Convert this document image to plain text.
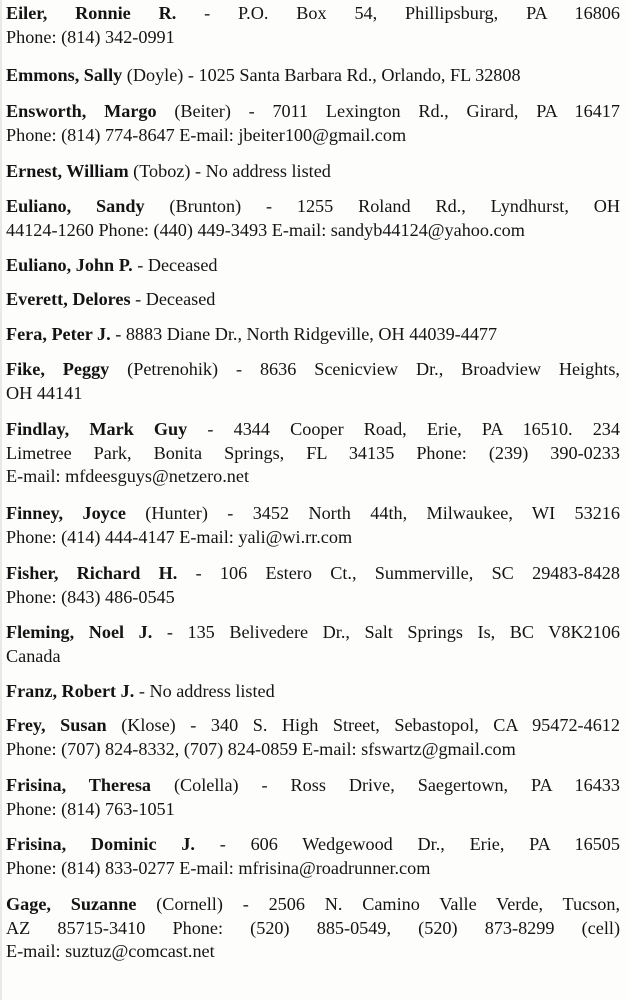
Eiler, Ronnie R. - P.O. Box 54, Phillipsburg, PA 16806
Phone: (814) 342-0991
Emmons, Sally (Doyle) - 1025 Santa Barbara Rd., Orlando, FL 32808
Ensworth, Margo (Beiter) - 7011 Lexington Rd., Girard, PA 16417
Phone: (814) 774-8647 E-mail: jbeiter100@gmail.com
Ernest, William (Toboz) - No address listed
Euliano, Sandy (Brunton) - 1255 Roland Rd., Lyndhurst, OH
44124-1260 Phone: (440) 449-3493 E-mail: sandyb44124@yahoo.com
Euliano, John P. - Deceased
Everett, Delores - Deceased
Fera, Peter J. - 8883 Diane Dr., North Ridgeville, OH 44039-4477
Fike, Peggy (Petrenohik) - 8636 Scenicview Dr., Broadview Heights,
OH 44141
Findlay, Mark Guy - 4344 Cooper Road, Erie, PA 16510. 234
Limetree Park, Bonita Springs, FL 34135 Phone: (239) 390-0233
E-mail: mfdeesguys@netzero.net
Finney, Joyce (Hunter) - 3452 North 44th, Milwaukee, WI 53216
Phone: (414) 444-4147 E-mail: yali@wi.rr.com
Fisher, Richard H. - 106 Estero Ct., Summerville, SC 29483-8428
Phone: (843) 486-0545
Fleming, Noel J. - 135 Belivedere Dr., Salt Springs Is, BC V8K2106
Canada
Franz, Robert J. - No address listed
Frey, Susan (Klose) - 340 S. High Street, Sebastopol, CA 95472-4612
Phone: (707) 824-8332, (707) 824-0859 E-mail: sfswartz@gmail.com
Frisina, Theresa (Colella) - Ross Drive, Saegertown, PA 16433
Phone: (814) 763-1051
Frisina, Dominic J. - 606 Wedgewood Dr., Erie, PA 16505
Phone: (814) 833-0277 E-mail: mfrisina@roadrunner.com
Gage, Suzanne (Cornell) - 2506 N. Camino Valle Verde, Tucson,
AZ 85715-3410 Phone: (520) 885-0549, (520) 873-8299 (cell)
E-mail: suztuz@comcast.net
